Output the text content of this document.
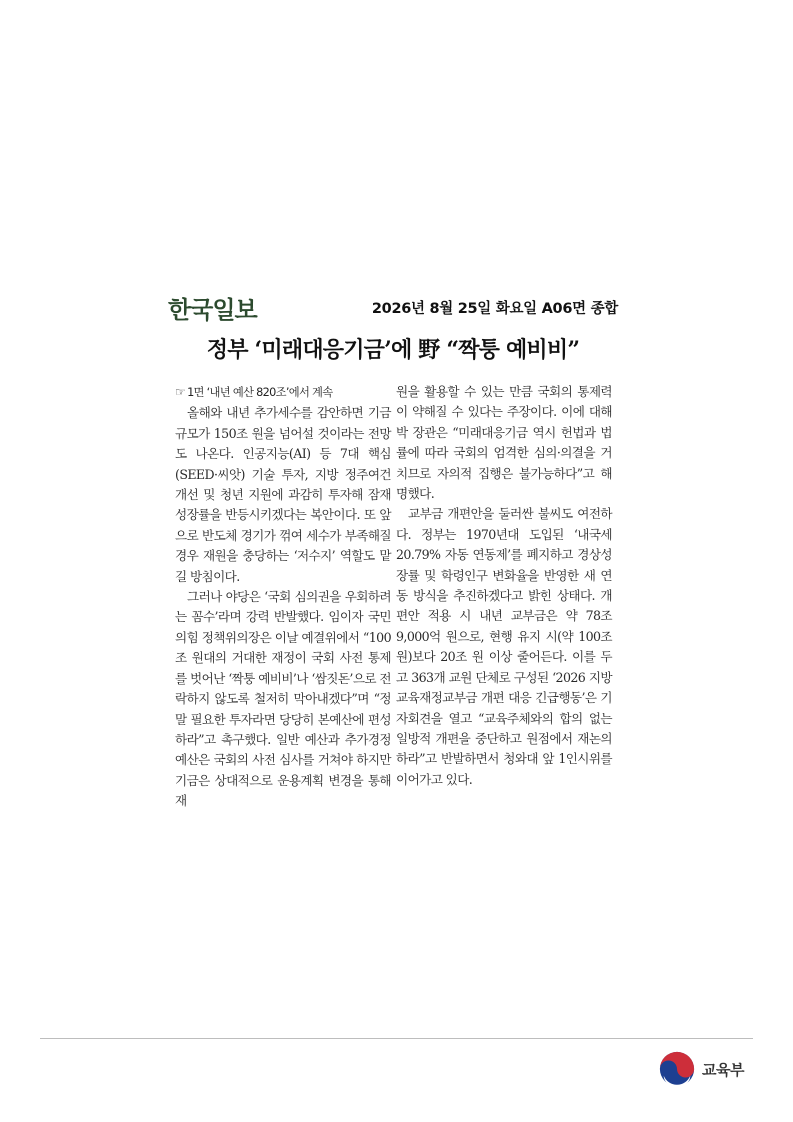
한국일보	2026년 8월 25일 화요일 A06면 종합
정부 ‘미래대응기금’에 野 “짝퉁 예비비”
☞ 1면 ‘내년 예산 820조’에서 계속

올해와 내년 추가세수를 감안하면 기금 규모가 150조 원을 넘어설 것이라는 전망도 나온다. 인공지능(AI) 등 7대 핵심(SEED·씨앗) 기술 투자, 지방 정주여건 개선 및 청년 지원에 과감히 투자해 잠재 성장률을 반등시키겠다는 복안이다. 또 앞으로 반도체 경기가 꺾여 세수가 부족해질 경우 재원을 충당하는 ‘저수지’ 역할도 맡길 방침이다.

그러나 야당은 ‘국회 심의권을 우회하려는 꼼수’라며 강력 반발했다. 임이자 국민의힘 정책위의장은 이날 예결위에서 “100조 원대의 거대한 재정이 국회 사전 통제를 벗어난 ‘짝퉁 예비비’나 ‘쌈짓돈’으로 전락하지 않도록 철저히 막아내겠다”며 “정말 필요한 투자라면 당당히 본예산에 편성하라”고 촉구했다. 일반 예산과 추가경정예산은 국회의 사전 심사를 거쳐야 하지만 기금은 상대적으로 운용계획 변경을 통해 재

원을 활용할 수 있는 만큼 국회의 통제력이 약해질 수 있다는 주장이다. 이에 대해 박 장관은 “미래대응기금 역시 헌법과 법률에 따라 국회의 엄격한 심의·의결을 거치므로 자의적 집행은 불가능하다”고 해명했다.

교부금 개편안을 둘러싼 불씨도 여전하다. 정부는 1970년대 도입된 ‘내국세 20.79% 자동 연동제’를 폐지하고 경상성장률 및 학령인구 변화율을 반영한 새 연동 방식을 추진하겠다고 밝힌 상태다. 개편안 적용 시 내년 교부금은 약 78조9,000억 원으로, 현행 유지 시(약 100조 원)보다 20조 원 이상 줄어든다. 이를 두고 363개 교원 단체로 구성된 ‘2026 지방교육재정교부금 개편 대응 긴급행동’은 기자회견을 열고 “교육주체와의 합의 없는 일방적 개편을 중단하고 원점에서 재논의하라”고 반발하면서 청와대 앞 1인시위를 이어가고 있다.

교육부
